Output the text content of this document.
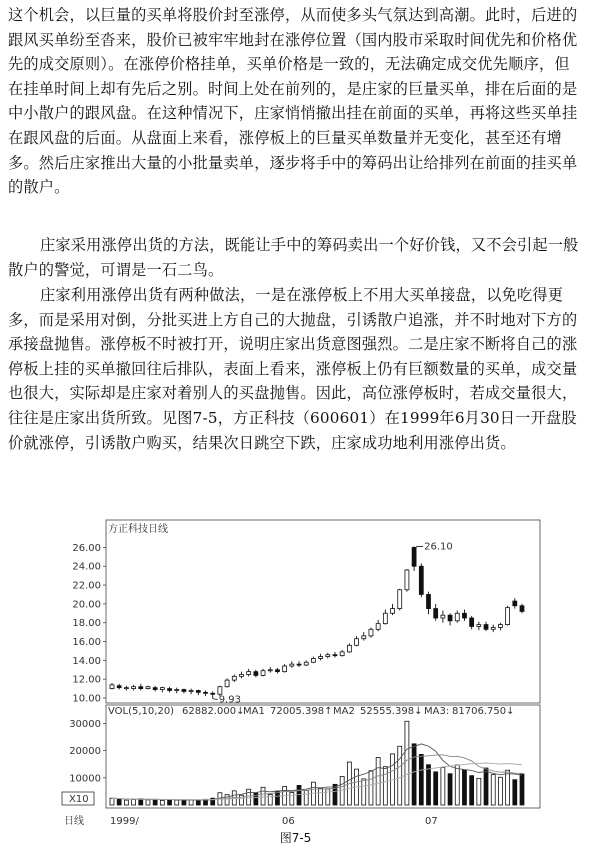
这个机会，以巨量的买单将股价封至涨停，从而使多头气氛达到高潮。此时，后进的跟风买单纷至沓来，股价已被牢牢地封在涨停位置（国内股市采取时间优先和价格优先的成交原则）。在涨停价格挂单，买单价格是一致的，无法确定成交优先顺序，但在挂单时间上却有先后之别。时间上处在前列的，是庄家的巨量买单，排在后面的是中小散户的跟风盘。在这种情况下，庄家悄悄撤出挂在前面的买单，再将这些买单挂在跟风盘的后面。从盘面上来看，涨停板上的巨量买单数量并无变化，甚至还有增多。然后庄家推出大量的小批量卖单，逐步将手中的筹码出让给排列在前面的挂买单的散户。

庄家采用涨停出货的方法，既能让手中的筹码卖出一个好价钱，又不会引起一般散户的警觉，可谓是一石二鸟。

庄家利用涨停出货有两种做法，一是在涨停板上不用大买单接盘，以免吃得更多，而是采用对倒，分批买进上方自己的大抛盘，引诱散户追涨，并不时地对下方的承接盘抛售。涨停板不时被打开，说明庄家出货意图强烈。二是庄家不断将自己的涨停板上挂的买单撤回往后排队，表面上看来，涨停板上仍有巨额数量的买单，成交量也很大，实际却是庄家对着别人的买盘抛售。因此，高位涨停板时，若成交量很大，往往是庄家出货所致。见图7-5，方正科技（600601）在1999年6月30日一开盘股价就涨停，引诱散户购买，结果次日跳空下跌，庄家成功地利用涨停出货。

方正科技日线
26.00
24.00
22.00
20.00
18.00
16.00
14.00
12.00
10.00
26.10
9.93
VOL(5,10,20) 62882.000↓
MA1 72005.398↑ MA2 52555.398↓ MA3: 81706.750↓
30000
20000
10000
X10
日线	1999/	06	07
图7-5
